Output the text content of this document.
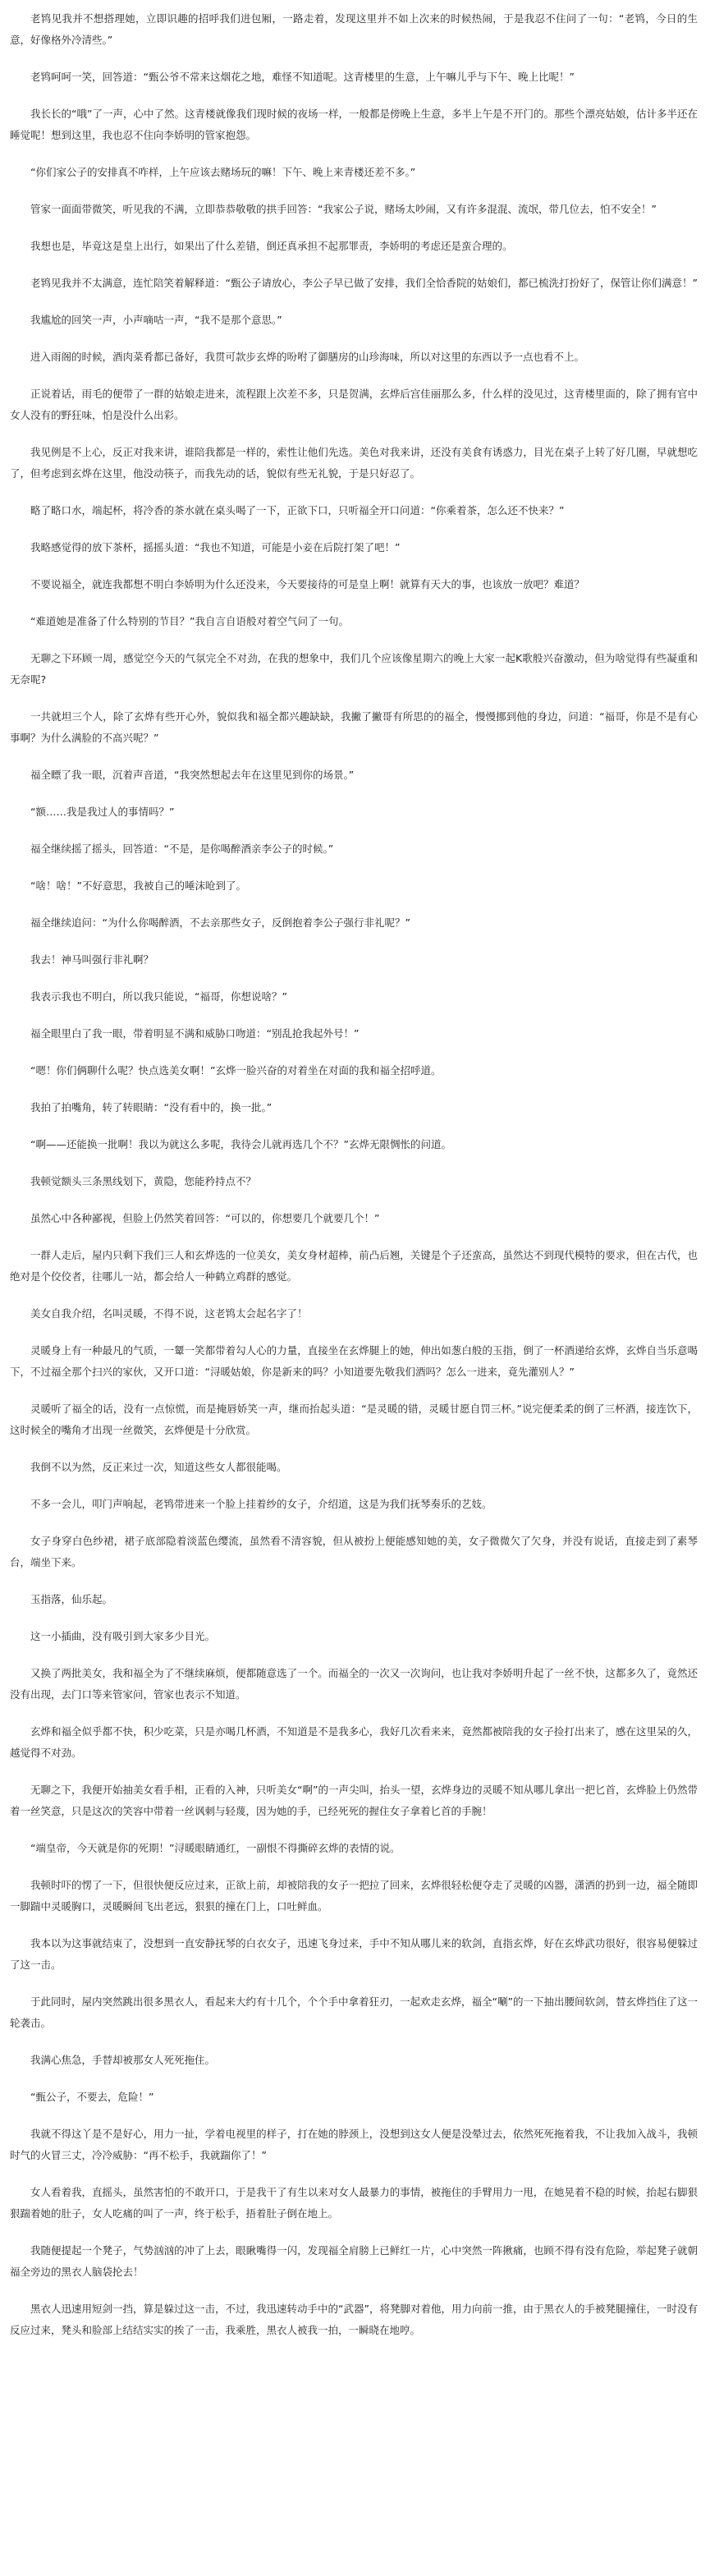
老鸨见我并不想搭理她，立即识趣的招呼我们进包厢，一路走着，发现这里并不如上次来的时候热闹，于是我忍不住问了一句：“老鸨，今日的生意，好像格外冷清些。”

老鸨呵呵一笑，回答道：“甄公爷不常来这烟花之地，难怪不知道呢。这青楼里的生意，上午嘛儿乎与下午、晚上比呢！”

我长长的“哦”了一声，心中了然。这青楼就像我们现时候的夜场一样，一般都是傍晚上生意，多半上午是不开门的。那些个漂亮姑娘，估计多半还在睡觉呢！想到这里，我也忍不住向李娇明的管家抱怨。

“你们家公子的安排真不咋样，上午应该去赌场玩的嘛！下午、晚上来青楼还差不多。”

管家一面面带微笑，听见我的不满，立即恭恭敬敬的拱手回答：“我家公子说，赌场太吵闹，又有许多混混、流氓，带几位去，怕不安全！”

我想也是，毕竟这是皇上出行，如果出了什么差错，倒还真承担不起那罪责，李娇明的考虑还是蛮合理的。

老鸨见我并不太满意，连忙陪笑着解释道：“甄公子请放心，李公子早已做了安排，我们全恰香院的姑娘们，都已梳洗打扮好了，保管让你们满意！”

我尴尬的回笑一声，小声嘀咕一声，“我不是那个意思。”

进入雨阁的时候，酒肉菜肴都已备好，我贯可款步玄烨的吩咐了御膳房的山珍海味，所以对这里的东西以予一点也看不上。

正说着话，雨毛的便带了一群的姑娘走进来，流程跟上次差不多，只是贺满，玄烨后宫佳丽那么多，什么样的没见过，这青楼里面的，除了拥有官中女人没有的野狂味，怕是没什么出彩。

我见例是不上心，反正对我来讲，谁陪我都是一样的，索性让他们先选。美色对我来讲，还没有美食有诱惑力，目光在桌子上转了好几圈，早就想吃了，但考虑到玄烨在这里，他没动筷子，而我先动的话，貌似有些无礼貌，于是只好忍了。

略了略口水，端起杯，将冷香的茶水就在桌头喝了一下，正欲下口，只听福全开口问道：“你乘着茶，怎么还不快来？”

我略感觉得的放下茶杯，摇摇头道：“我也不知道，可能是小妾在后院打架了吧！”

不要说福全，就连我都想不明白李娇明为什么还没来，今天要接待的可是皇上啊！就算有天大的事，也该放一放吧？难道？

“难道她是准备了什么特别的节目？”我自言自语般对着空气问了一句。

无聊之下环顾一周，感觉空今天的气氛完全不对劲，在我的想象中，我们几个应该像星期六的晚上大家一起K歌般兴奋激动，但为啥觉得有些凝重和无奈呢?

一共就坦三个人，除了玄烨有些开心外，貌似我和福全都兴趣缺缺，我撇了撇哥有所思的的福全，慢慢挪到他的身边，问道：“福哥，你是不是有心事啊？为什么满脸的不高兴呢？”

福全瞟了我一眼，沉着声音道，“我突然想起去年在这里见到你的场景。”

“额……我是我过人的事情吗？”

福全继续摇了摇头，回答道：“不是，是你喝醉酒亲李公子的时候。”

“啥！啥！”不好意思，我被自己的唾沫呛到了。

福全继续追问：“为什么你喝醉酒，不去亲那些女子，反倒抱着李公子强行非礼呢？”

我去！神马叫强行非礼啊？

我表示我也不明白，所以我只能说，“福哥，你想说啥？”

福全眼里白了我一眼，带着明显不满和威胁口吻道：“别乱抢我起外号！”

“嗯！你们俩聊什么呢？快点选美女啊！”玄烨一脸兴奋的对着坐在对面的我和福全招呼道。

我拍了拍嘴角，转了转眼睛：“没有看中的，换一批。”

“啊——还能换一批啊！我以为就这么多呢，我待会儿就再选几个不？”玄烨无限惆怅的问道。

我顿觉额头三条黑线划下，黄隐，您能矜持点不？

虽然心中各种鄙视，但脸上仍然笑着回答：“可以的，你想要几个就要几个！”

一群人走后，屋内只剩下我们三人和玄烨选的一位美女，美女身材超棒，前凸后翘，关键是个子还蛮高，虽然达不到现代模特的要求，但在古代，也绝对是个佼佼者，往哪儿一站，都会给人一种鹤立鸡群的感觉。

美女自我介绍，名叫灵暖，不得不说，这老鸨太会起名字了！

灵暖身上有一种最凡的气质，一颦一笑都带着勾人心的力量，直接坐在玄烨腿上的她，伸出如葱白般的玉指，倒了一杯酒递给玄烨，玄烨自当乐意喝下，不过福全那个扫兴的家伙，又开口道：“浔暖姑娘，你是新来的吗？小知道要先敬我们酒吗？怎么一进来，竟先灌别人？”

灵暖听了福全的话，没有一点惊慌，而是掩唇娇笑一声，继而抬起头道：“是灵暖的错，灵暖甘愿自罚三杯。”说完便柔柔的倒了三杯酒，接连饮下，这时候全的嘴角才出现一丝微笑，玄烨便是十分欣赏。

我倒不以为然，反正来过一次，知道这些女人都很能喝。

不多一会儿，叩门声响起，老鸨带进来一个脸上挂着纱的女子，介绍道，这是为我们抚琴奏乐的艺妓。

女子身穿白色纱裙，裙子底部隐着淡蓝色缨流，虽然看不清容貌，但从被扮上便能感知她的美，女子微微欠了欠身，并没有说话，直接走到了素琴台，端坐下来。

玉指落，仙乐起。

这一小插曲，没有吸引到大家多少目光。

又换了两批美女，我和福全为了不继续麻烦，便都随意选了一个。而福全的一次又一次询问，也让我对李娇明升起了一丝不快，这都多久了，竟然还没有出现，去门口等来管家问，管家也表示不知道。

玄烨和福全似乎都不快，积少吃菜，只是亦喝几杯酒，不知道是不是我多心，我好几次看来来，竟然都被陪我的女子捡打出来了，感在这里呆的久，越觉得不对劲。

无聊之下，我便开始抽美女看手相，正看的入神，只听美女“啊”的一声尖叫，抬头一望，玄烨身边的灵暖不知从哪儿拿出一把匕首，玄烨脸上仍然带着一丝笑意，只是这次的笑容中带着一丝讽刺与轻蔑，因为她的手，已经死死的握住女子拿着匕首的手腕！

“端皇帝，今天就是你的死期！”浔暖眼睛通红，一副恨不得撕碎玄烨的表情的说。

我顿时吓的愣了一下，但很快便反应过来，正欲上前，却被陪我的女子一把拉了回来，玄烨很轻松便夺走了灵暖的凶器，潇洒的扔到一边，福全随即一脚踹中灵暖胸口，灵暖瞬间飞出老远，狠狠的撞在门上，口吐鲜血。

我本以为这事就结束了，没想到一直安静抚琴的白衣女子，迅速飞身过来，手中不知从哪儿来的软剑，直指玄烨，好在玄烨武功很好，很容易便躲过了这一击。

于此同时，屋内突然跳出很多黑衣人，看起来大约有十几个，个个手中拿着狂刃，一起欢走玄烨，福全“唰”的一下抽出腰间软剑，替玄烨挡住了这一轮袭击。

我满心焦急，手替却被那女人死死拖住。

“甄公子，不要去，危险！”

我就不得这丫是不是好心，用力一扯，学着电视里的样子，打在她的脖颈上，没想到这女人便是没晕过去，依然死死拖着我，不让我加入战斗，我顿时气的火冒三丈，冷冷威胁：“再不松手，我就踹你了！”

女人看着我，直摇头，虽然害怕的不敢开口，于是我干了有生以来对女人最暴力的事情，被拖住的手臂用力一甩，在她晃着不稳的时候，抬起右脚狠狠踹着她的肚子，女人吃痛的叫了一声，终于松手，捂着肚子倒在地上。

我随便提起一个凳子，气势汹汹的冲了上去，眼瞅嘴得一闪，发现福全肩膀上已鲜红一片，心中突然一阵揪痛，也顾不得有没有危险，举起凳子就朝福全旁边的黑衣人脑袋抡去！

黑衣人迅速用短剑一挡，算是躲过这一击，不过，我迅速转动手中的“武器”，将凳脚对着他，用力向前一推，由于黑衣人的手被凳腿撞住，一时没有反应过来，凳头和脸部上结结实实的挨了一击，我乘胜，黑衣人被我一拍，一瞬晓在地哼。
